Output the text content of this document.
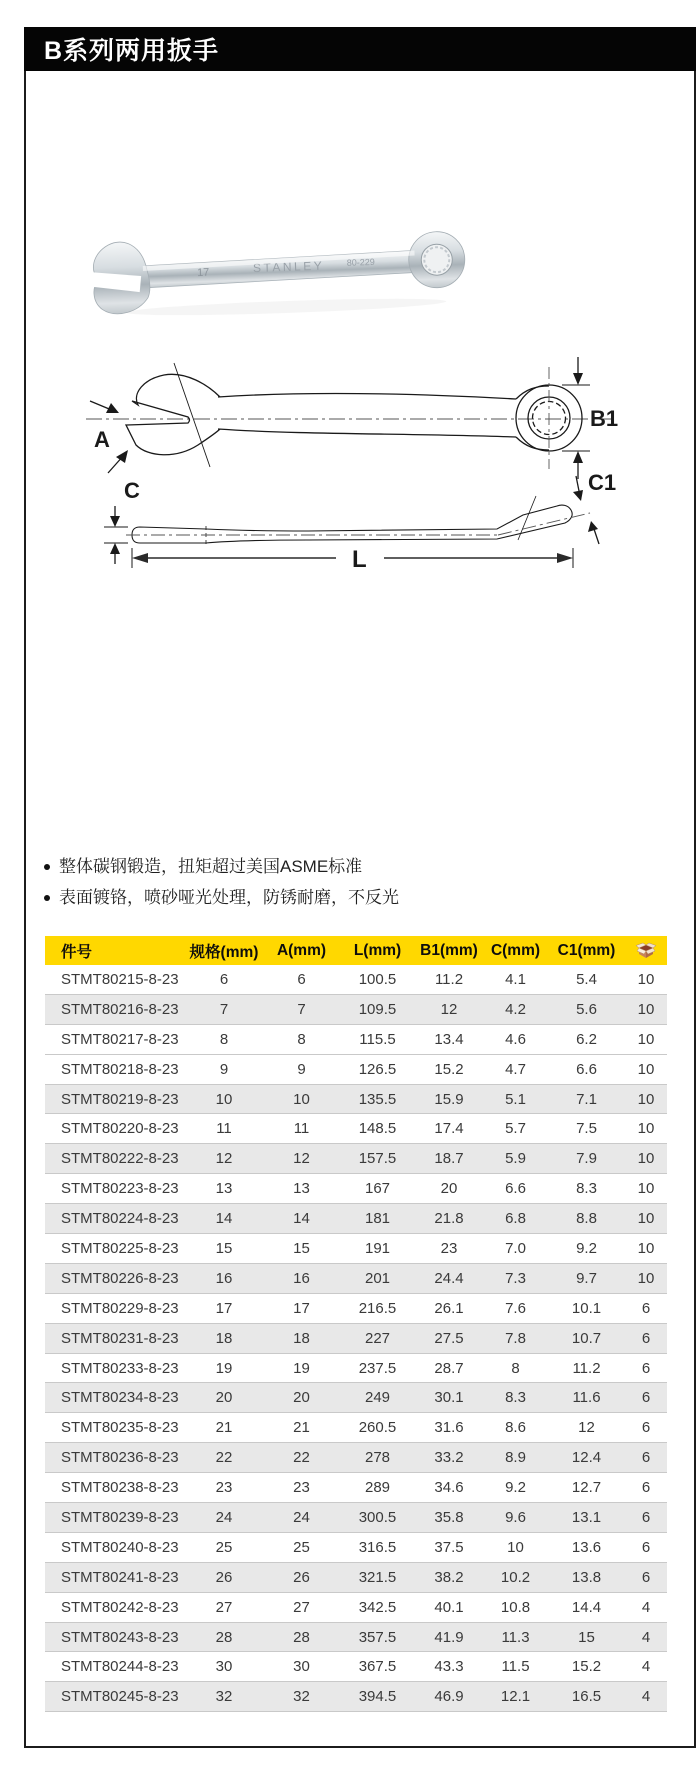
B系列两用扳手
17	STANLEY 80-229
A
B1
C	C1
L
整体碳钢锻造，扭矩超过美国ASME标准
表面镀铬，喷砂哑光处理，防锈耐磨，不反光
件号	规格(mm)	A(mm)	L(mm)	B1(mm) C(mm)	C1(mm)
STMT80215-8-23	6	6	100.5	11.2	4.1	5.4	10
STMT80216-8-23	7	7	109.5	12	4.2	5.6	10
STMT80217-8-23	8	8	115.5	13.4	4.6	6.2	10
STMT80218-8-23	9	9	126.5	15.2	4.7	6.6	10
STMT80219-8-23	10	10	135.5	15.9	5.1	7.1	10
STMT80220-8-23	11	11	148.5	17.4	5.7	7.5	10
STMT80222-8-23	12	12	157.5	18.7	5.9	7.9	10
STMT80223-8-23	13	13	167	20	6.6	8.3	10
STMT80224-8-23	14	14	181	21.8	6.8	8.8	10
STMT80225-8-23	15	15	191	23	7.0	9.2	10
STMT80226-8-23	16	16	201	24.4	7.3	9.7	10
STMT80229-8-23	17	17	216.5	26.1	7.6	10.1	6
STMT80231-8-23	18	18	227	27.5	7.8	10.7	6
STMT80233-8-23	19	19	237.5	28.7	8	11.2	6
STMT80234-8-23	20	20	249	30.1	8.3	11.6	6
STMT80235-8-23	21	21	260.5	31.6	8.6	12	6
STMT80236-8-23	22	22	278	33.2	8.9	12.4	6
STMT80238-8-23	23	23	289	34.6	9.2	12.7	6
STMT80239-8-23	24	24	300.5	35.8	9.6	13.1	6
STMT80240-8-23	25	25	316.5	37.5	10	13.6	6
STMT80241-8-23	26	26	321.5	38.2	10.2	13.8	6
STMT80242-8-23	27	27	342.5	40.1	10.8	14.4	4
STMT80243-8-23	28	28	357.5	41.9	11.3	15	4
STMT80244-8-23	30	30	367.5	43.3	11.5	15.2	4
STMT80245-8-23	32	32	394.5	46.9	12.1	16.5	4
